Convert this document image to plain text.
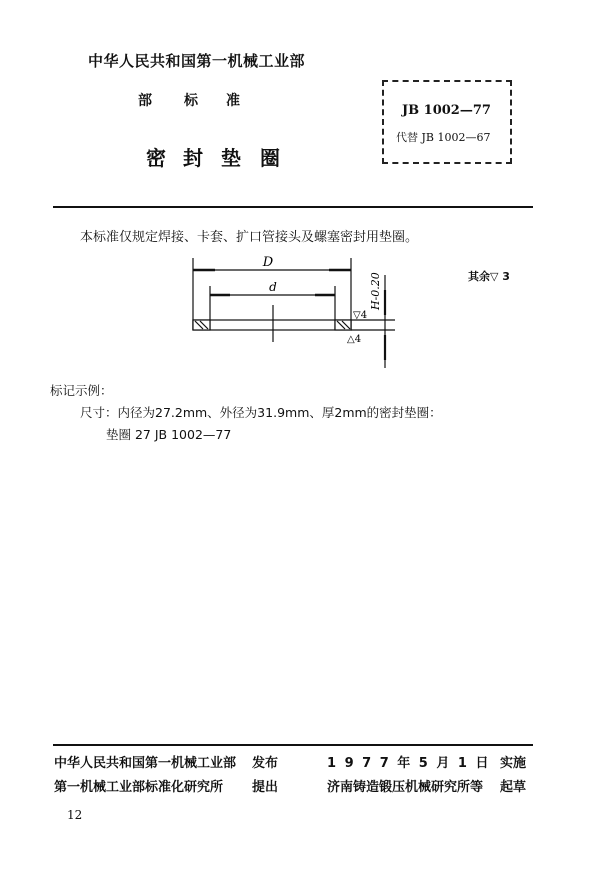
中华人民共和国第一机械工业部
部 标 准
密 封 垫 圈
JB 1002—77
代替 JB 1002—67
本标准仅规定焊接、卡套、扩口管接头及螺塞密封用垫圈。
D
d	H-0.20
▽4
△4
其余▽ 3
标记示例：
尺寸：内径为27.2mm、外径为31.9mm、厚2mm的密封垫圈：
垫圈 27 JB 1002—77
中华人民共和国第一机械工业部 发布	1 9 7 7 年 5 月 1 日 实施
第一机械工业部标准化研究所 提出	济南铸造锻压机械研究所等 起草
12
